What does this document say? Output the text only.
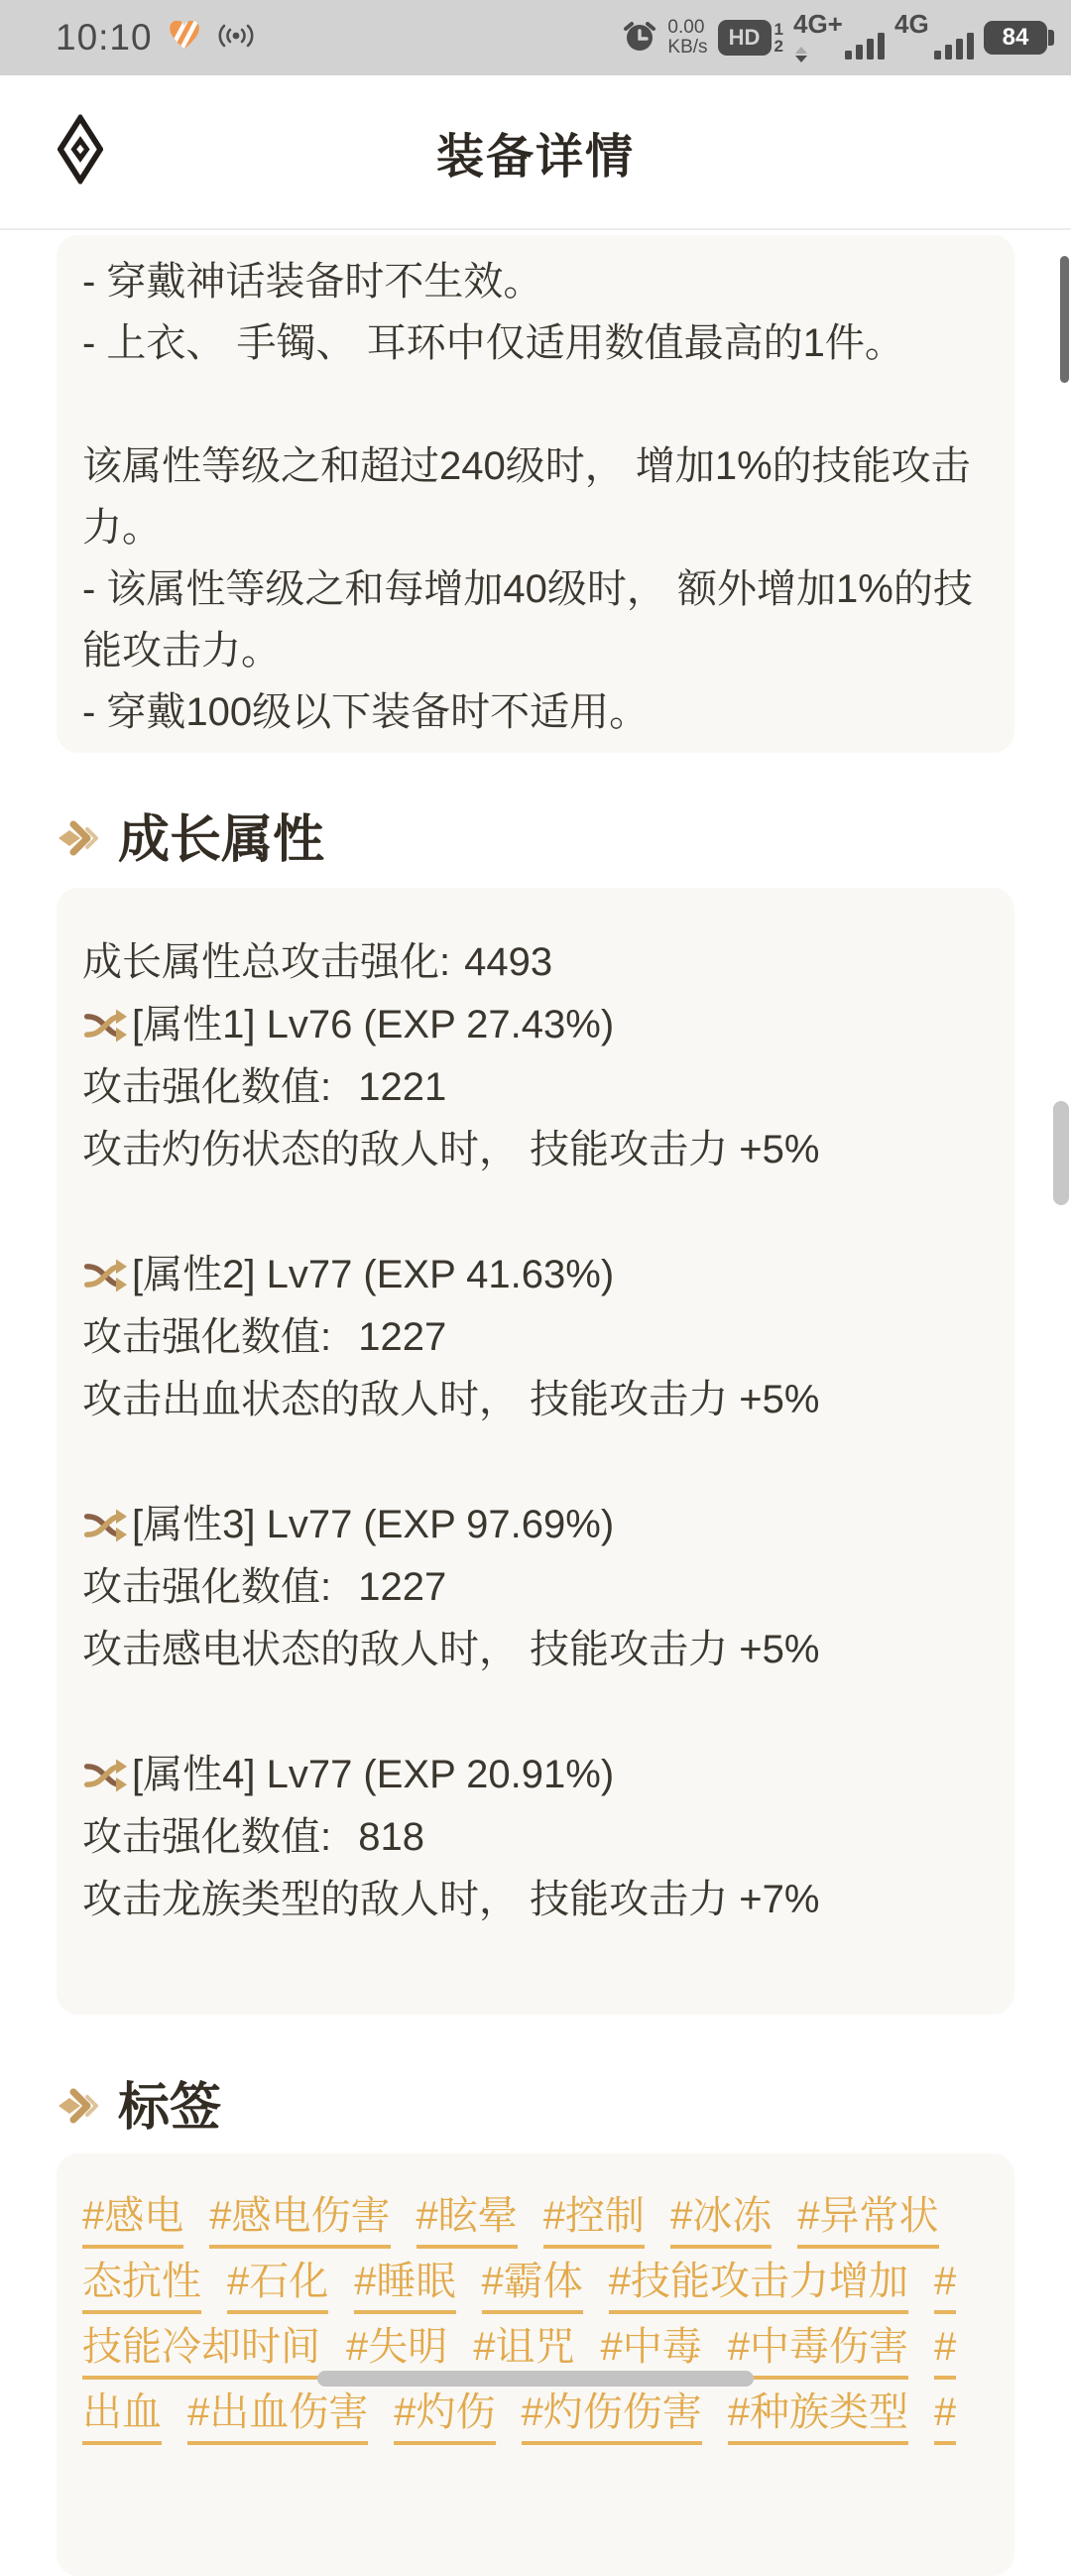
10:10	0.00
KB/s HD 1
2
4G+ 4G	84
装备详情

- 穿戴神话装备时不生效。

- 上衣、 手镯、 耳环中仅适用数值最高的1件。

该属性等级之和超过240级时， 增加1%的技能攻击力。

- 该属性等级之和每增加40级时， 额外增加1%的技能攻击力。

- 穿戴100级以下装备时不适用。

成长属性
成长属性总攻击强化: 4493
[属性1] Lv76 (EXP 27.43%)
攻击强化数值: 1221
攻击灼伤状态的敌人时， 技能攻击力 +5%
[属性2] Lv77 (EXP 41.63%)
攻击强化数值: 1227
攻击出血状态的敌人时， 技能攻击力 +5%
[属性3] Lv77 (EXP 97.69%)
攻击强化数值: 1227
攻击感电状态的敌人时， 技能攻击力 +5%
[属性4] Lv77 (EXP 20.91%)
攻击强化数值: 818
攻击龙族类型的敌人时， 技能攻击力 +7%
标签
#感电 #感电伤害 #眩晕 #控制 #冰冻 #异常状
态抗性 #石化 #睡眠 #霸体 #技能攻击力增加 #
技能冷却时间 #失明 #诅咒 #中毒 #中毒伤害 #
出血 #出血伤害 #灼伤 #灼伤伤害 #种族类型 #
